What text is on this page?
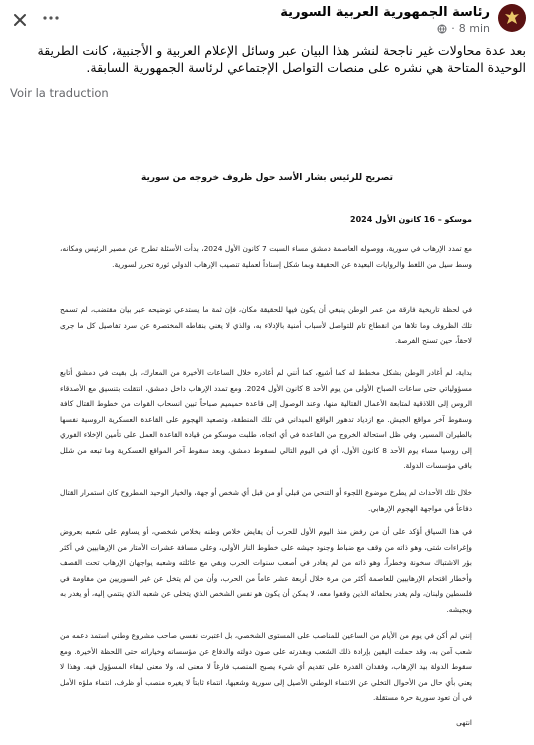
رئاسة الجمهورية العربية السورية
· 8 min
بعد عدة محاولات غير ناجحة لنشر هذا البيان عبر وسائل الإعلام العربية و الأجنبية، كانت الطريقة الوحيدة المتاحة هي نشره على منصات التواصل الإجتماعي لرئاسة الجمهورية السابقة.
Voir la traduction
تصريح للرئيس بشار الأسد حول ظروف خروجه من سورية
موسكو – 16 كانون الأول 2024
مع تمدد الإرهاب في سورية، ووصوله العاصمة دمشق مساء السبت 7 كانون الأول 2024، بدأت الأسئلة تطرح عن مصير الرئيس ومكانه، وسط سيل من اللغط والروايات البعيدة عن الحقيقة وبما شكل إسناداً لعملية تنصيب الإرهاب الدولي ثورة تحرر لسورية.
في لحظة تاريخية فارقة من عمر الوطن ينبغي أن يكون فيها للحقيقة مكان، فإن ثمة ما يستدعي توضيحه عبر بيان مقتضب، لم تسمح تلك الظروف وما تلاها من انقطاع تام للتواصل لأسباب أمنية بالإدلاء به، والذي لا يغني بنقاطه المختصرة عن سرد تفاصيل كل ما جرى لاحقاً، حين تسنح الفرصة.
بداية، لم أغادر الوطن بشكل مخطط له كما أشيع، كما أنني لم أغادره خلال الساعات الأخيرة من المعارك، بل بقيت في دمشق أتابع مسؤولياتي حتى ساعات الصباح الأولى من يوم الأحد 8 كانون الأول 2024. ومع تمدد الإرهاب داخل دمشق، انتقلت بتنسيق مع الأصدقاء الروس إلى اللاذقية لمتابعة الأعمال القتالية منها، وعند الوصول إلى قاعدة حميميم صباحاً تبين انسحاب القوات من خطوط القتال كافة وسقوط آخر مواقع الجيش. مع ازدياد تدهور الواقع الميداني في تلك المنطقة، وتصعيد الهجوم على القاعدة العسكرية الروسية نفسها بالطيران المسير، وفي ظل استحالة الخروج من القاعدة في أي اتجاه، طلبت موسكو من قيادة القاعدة العمل على تأمين الإخلاء الفوري إلى روسيا مساء يوم الأحد 8 كانون الأول، أي في اليوم التالي لسقوط دمشق، وبعد سقوط آخر المواقع العسكرية وما تبعه من شلل باقي مؤسسات الدولة.
خلال تلك الأحداث لم يطرح موضوع اللجوء أو التنحي من قبلي أو من قبل أي شخص أو جهة، والخيار الوحيد المطروح كان استمرار القتال دفاعاً في مواجهة الهجوم الإرهابي.
في هذا السياق أؤكد على أن من رفض منذ اليوم الأول للحرب أن يقايض خلاص وطنه بخلاص شخصي، أو يساوم على شعبه بعروض وإغراءات شتى، وهو ذاته من وقف مع ضباط وجنود جيشه على خطوط النار الأولى، وعلى مسافة عشرات الأمتار من الإرهابيين في أكثر بؤر الاشتباك سخونة وخطراً، وهو ذاته من لم يغادر في أصعب سنوات الحرب وبقي مع عائلته وشعبه يواجهان الإرهاب تحت القصف وأخطار اقتحام الإرهابيين للعاصمة أكثر من مرة خلال أربعة عشر عاماً من الحرب، وأن من لم يتخل عن غير السوريين من مقاومة في فلسطين ولبنان، ولم يغدر بحلفائه الذين وقفوا معه، لا يمكن أن يكون هو نفس الشخص الذي يتخلى عن شعبه الذي ينتمي إليه، أو يغدر به وبجيشه.
إنني لم أكن في يوم من الأيام من الساعين للمناصب على المستوى الشخصي، بل اعتبرت نفسي صاحب مشروع وطني استمد دعمه من شعب آمن به، وقد حملت اليقين بإرادة ذلك الشعب وبقدرته على صون دولته والدفاع عن مؤسساته وخياراته حتى اللحظة الأخيرة. ومع سقوط الدولة بيد الإرهاب، وفقدان القدرة على تقديم أي شيء يصبح المنصب فارغاً لا معنى له، ولا معنى لبقاء المسؤول فيه. وهذا لا يعني بأي حال من الأحوال التخلي عن الانتماء الوطني الأصيل إلى سورية وشعبها، انتماء ثابتاً لا يغيره منصب أو ظرف، انتماء ملؤه الأمل في أن تعود سورية حرة مستقلة.
انتهى
